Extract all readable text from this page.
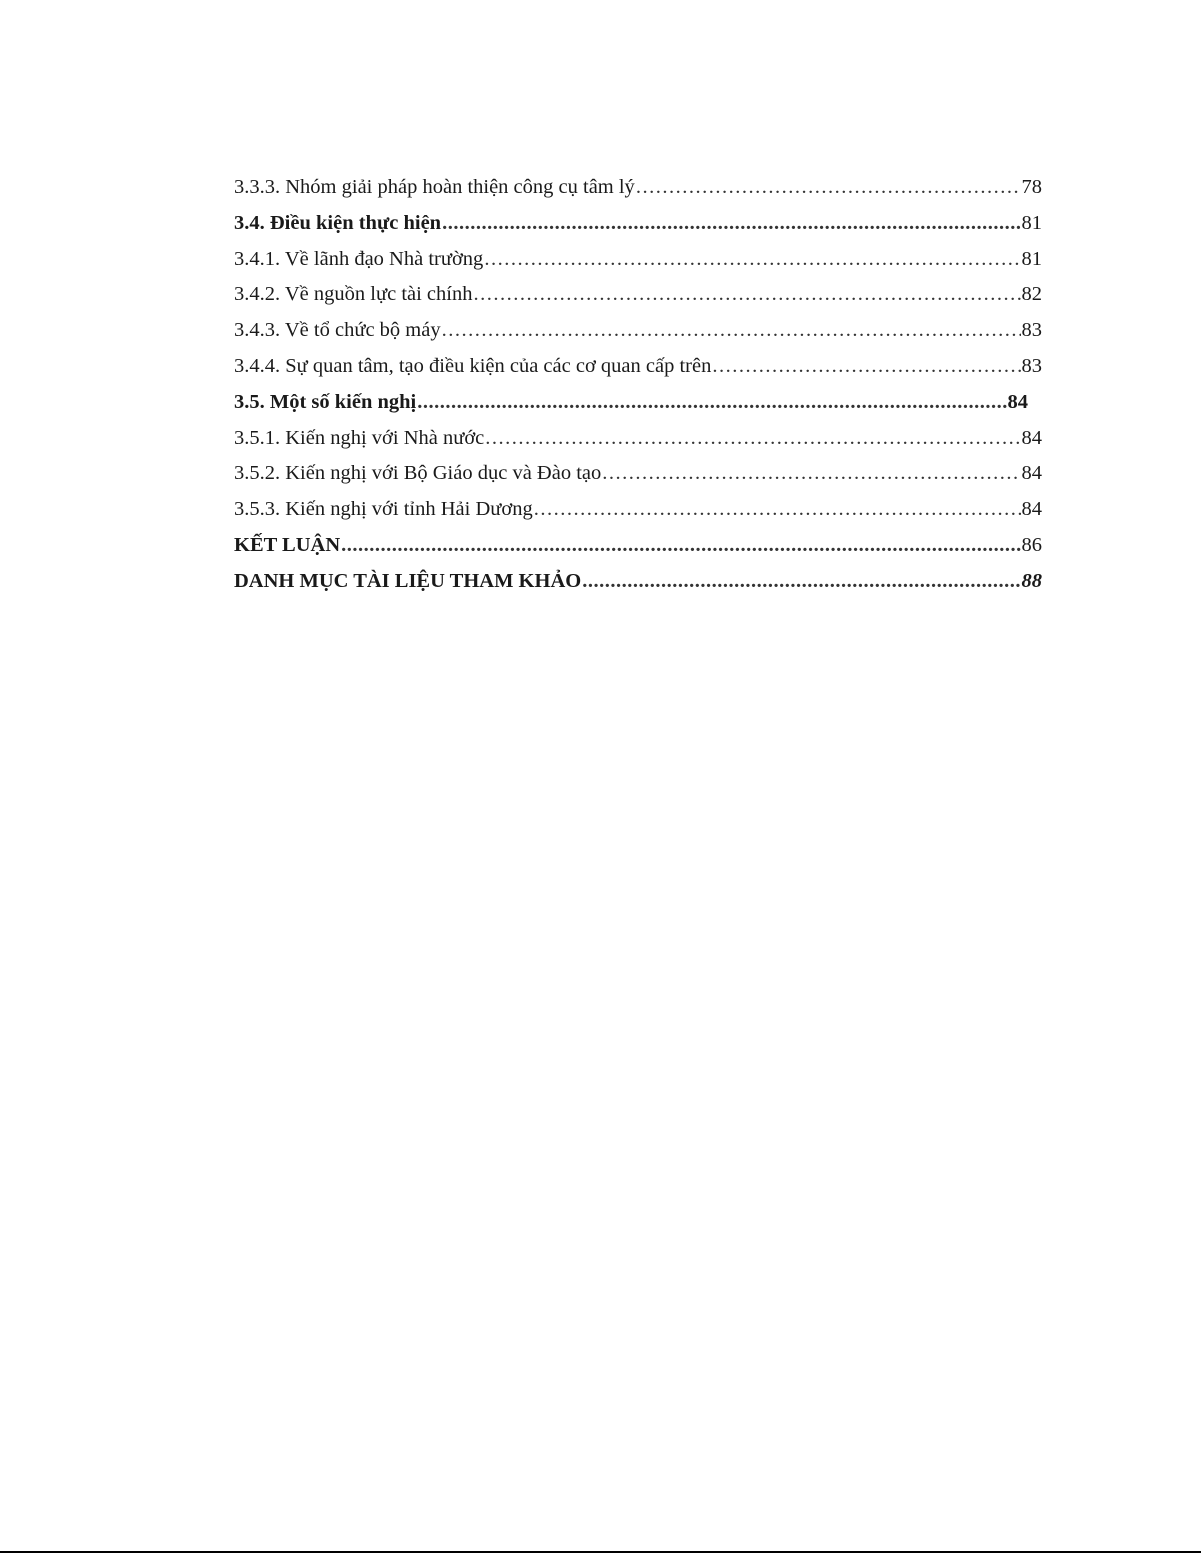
3.3.3. Nhóm giải pháp hoàn thiện công cụ tâm lý .....	78
3.4. Điều kiện thực hiện .....	81
3.4.1. Về lãnh đạo Nhà trường .....	81
3.4.2. Về nguồn lực tài chính .....	82
3.4.3. Về tổ chức bộ máy .....	83
3.4.4. Sự quan tâm, tạo điều kiện của các cơ quan cấp trên .....	83
3.5. Một số kiến nghị .....	84
3.5.1. Kiến nghị với Nhà nước .....	84
3.5.2. Kiến nghị với Bộ Giáo dục và Đào tạo .....	84
3.5.3. Kiến nghị với tỉnh Hải Dương .....	84
KẾT LUẬN .....	86
DANH MỤC TÀI LIỆU THAM KHẢO .....	88
